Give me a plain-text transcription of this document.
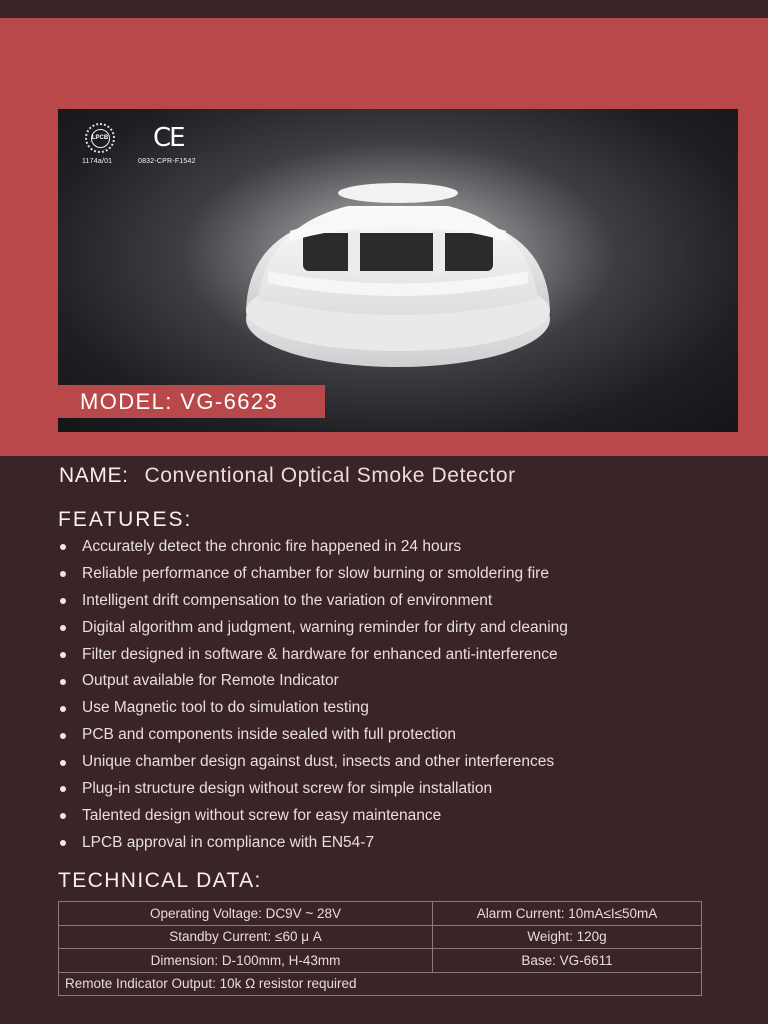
LPCB
1174a/01
CE
0832-CPR-F1542
MODEL: VG-6623
NAME: Conventional Optical Smoke Detector
FEATURES:
Accurately detect the chronic fire happened in 24 hours
Reliable performance of chamber for slow burning or smoldering fire
Intelligent drift compensation to the variation of environment
Digital algorithm and judgment, warning reminder for dirty and cleaning
Filter designed in software & hardware for enhanced anti-interference
Output available for Remote Indicator
Use Magnetic tool to do simulation testing
PCB and components inside sealed with full protection
Unique chamber design against dust, insects and other interferences
Plug-in structure design without screw for simple installation
Talented design without screw for easy maintenance
LPCB approval in compliance with EN54-7
TECHNICAL DATA:
Operating Voltage: DC9V ~ 28V	Alarm Current: 10mA≤I≤50mA
Standby Current: ≤60 μ A	Weight: 120g
Dimension: D-100mm, H-43mm	Base: VG-6611
Remote Indicator Output: 10k Ω resistor required	
